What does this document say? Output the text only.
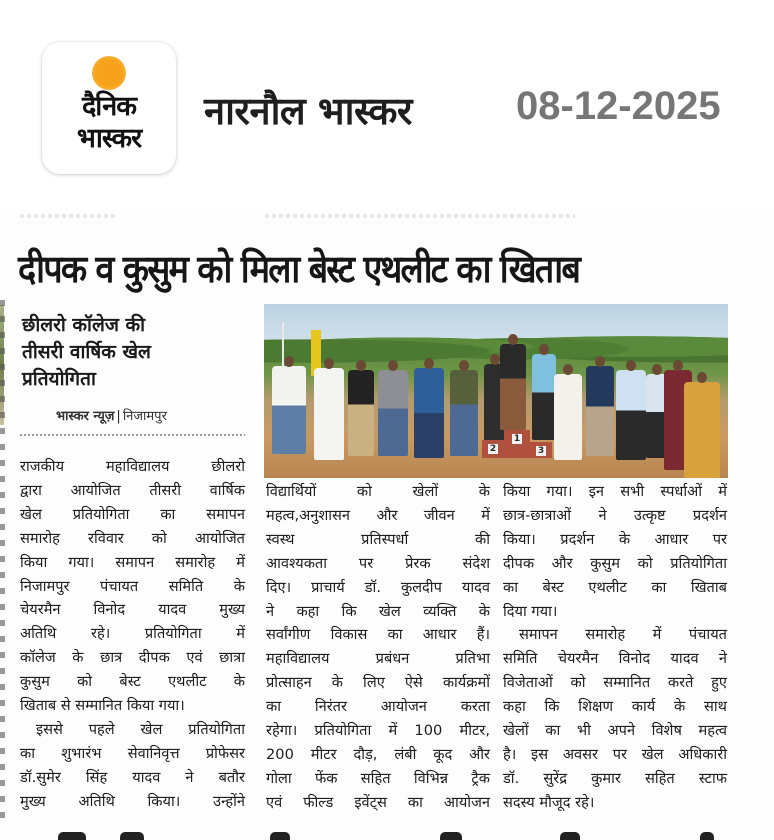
दैनिक
भास्कर
नारनौल भास्कर	08-12-2025
दीपक व कुसुम को मिला बेस्ट एथलीट का खिताब
छीलरो कॉलेज की
तीसरी वार्षिक खेल
प्रतियोगिता
भास्कर न्यूज़ | निजामपुर
2
1
3
राजकीय महाविद्यालय छीलरो
द्वारा आयोजित तीसरी वार्षिक
खेल प्रतियोगिता का समापन
समारोह रविवार को आयोजित
किया गया। समापन समारोह में
निजामपुर पंचायत समिति के
चेयरमैन विनोद यादव मुख्य
अतिथि रहे। प्रतियोगिता में
कॉलेज के छात्र दीपक एवं छात्रा
कुसुम को बेस्ट एथलीट के
खिताब से सम्मानित किया गया।
इससे पहले खेल प्रतियोगिता
का शुभारंभ सेवानिवृत्त प्रोफेसर
डॉ.सुमेर सिंह यादव ने बतौर
मुख्य अतिथि किया। उन्होंने
विद्यार्थियों को खेलों के
महत्व,अनुशासन और जीवन में
स्वस्थ प्रतिस्पर्धा की
आवश्यकता पर प्रेरक संदेश
दिए। प्राचार्य डॉ. कुलदीप यादव
ने कहा कि खेल व्यक्ति के
सर्वांगीण विकास का आधार हैं।
महाविद्यालय प्रबंधन प्रतिभा
प्रोत्साहन के लिए ऐसे कार्यक्रमों
का निरंतर आयोजन करता
रहेगा। प्रतियोगिता में 100 मीटर,
200 मीटर दौड़, लंबी कूद और
गोला फेंक सहित विभिन्न ट्रैक
एवं फील्ड इवेंट्स का आयोजन
किया गया। इन सभी स्पर्धाओं में
छात्र-छात्राओं ने उत्कृष्ट प्रदर्शन
किया। प्रदर्शन के आधार पर
दीपक और कुसुम को प्रतियोगिता
का बेस्ट एथलीट का खिताब
दिया गया।
समापन समारोह में पंचायत
समिति चेयरमैन विनोद यादव ने
विजेताओं को सम्मानित करते हुए
कहा कि शिक्षण कार्य के साथ
खेलों का भी अपने विशेष महत्व
है। इस अवसर पर खेल अधिकारी
डॉ. सुरेंद्र कुमार सहित स्टाफ
सदस्य मौजूद रहे।
